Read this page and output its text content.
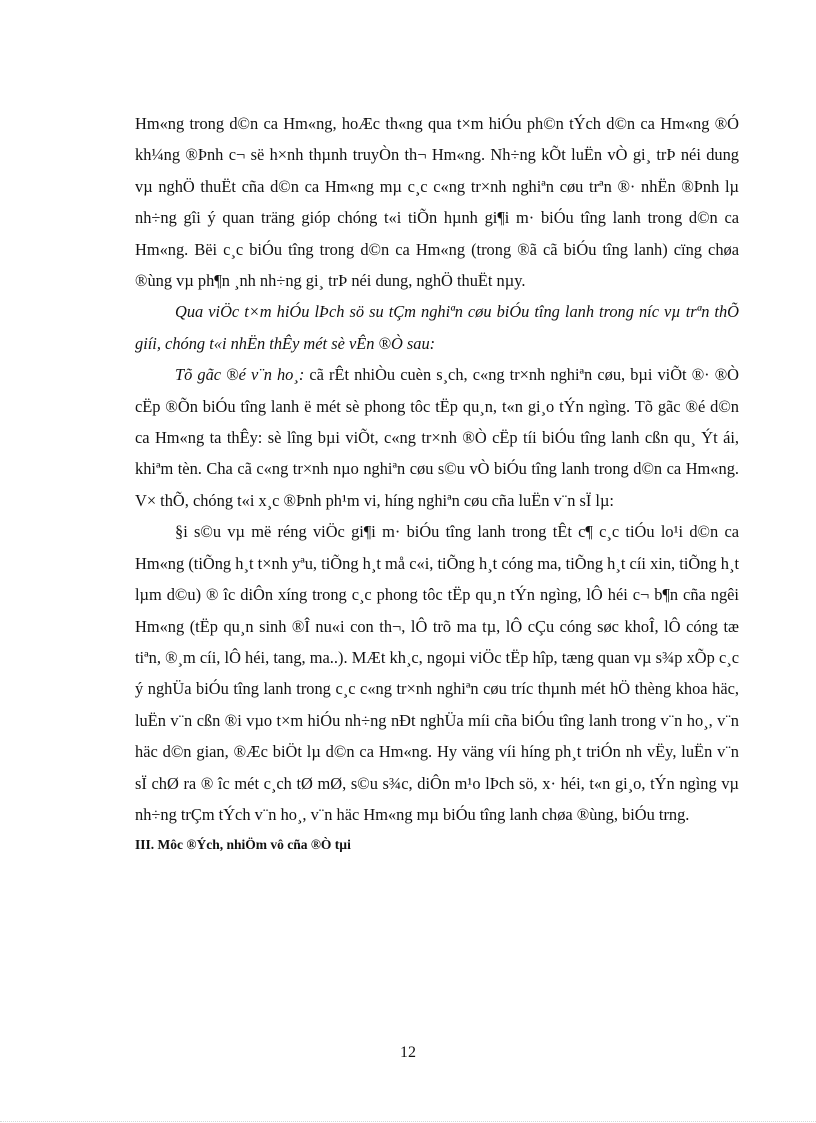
Hm«ng trong d©n ca Hm«ng, hoÆc th«ng qua t×m hiÓu ph©n tÝch d©n ca Hm«ng ®Ó kh¼ng ®Þnh c¬ së h×nh thµnh truyÒn th¬ Hm«ng. Nh÷ng kÕt luËn vÒ gi¸ trÞ néi dung vµ nghÖ thuËt cña d©n ca Hm«ng mµ c¸c c«ng tr×nh nghiªn cøu trªn ®· nhËn ®Þnh lµ nh÷ng gîi ý quan träng gióp chóng t«i tiÕn hµnh gi¶i m· biÓu tîng lanh trong d©n ca Hm«ng. Bëi c¸c biÓu tîng trong d©n ca Hm«ng (trong ®ã cã biÓu tîng lanh) cïng chøa ®ùng vµ ph¶n ¸nh nh÷ng gi¸ trÞ néi dung, nghÖ thuËt nµy.

Qua viÖc t×m hiÓu lÞch sö su tÇm nghiªn cøu biÓu tîng lanh trong níc vµ trªn thÕ giíi, chóng t«i nhËn thÊy mét sè vÊn ®Ò sau:

Tõ gãc ®é v¨n ho¸: cã rÊt nhiÒu cuèn s¸ch, c«ng tr×nh nghiªn cøu, bµi viÕt ®· ®Ò cËp ®Õn biÓu tîng lanh ë mét sè phong tôc tËp qu¸n, t«n gi¸o tÝn ngìng. Tõ gãc ®é d©n ca Hm«ng ta thÊy: sè lîng bµi viÕt, c«ng tr×nh ®Ò cËp tíi biÓu tîng lanh cßn qu¸ Ýt ái, khiªm tèn. Cha cã c«ng tr×nh nµo nghiªn cøu s©u vÒ biÓu tîng lanh trong d©n ca Hm«ng. V× thÕ, chóng t«i x¸c ®Þnh ph¹m vi, híng nghiªn cøu cña luËn v¨n sÏ lµ:

§i s©u vµ më réng viÖc gi¶i m· biÓu tîng lanh trong tÊt c¶ c¸c tiÓu lo¹i d©n ca Hm«ng (tiÕng h¸t t×nh yªu, tiÕng h¸t må c«i, tiÕng h¸t cóng ma, tiÕng h¸t cíi xin, tiÕng h¸t lµm d©u) ® îc diÔn xíng trong c¸c phong tôc tËp qu¸n tÝn ngìng, lÔ héi c¬ b¶n cña ngêi Hm«ng (tËp qu¸n sinh ®Î nu«i con th¬, lÔ trõ ma tµ, lÔ cÇu cóng søc khoÎ, lÔ cóng tæ tiªn, ®¸m cíi, lÔ héi, tang, ma..). MÆt kh¸c, ngoµi viÖc tËp hîp, tæng quan vµ s¾p xÕp c¸c ý nghÜa biÓu tîng lanh trong c¸c c«ng tr×nh nghiªn cøu tríc thµnh mét hÖ thèng khoa häc, luËn v¨n cßn ®i vµo t×m hiÓu nh÷ng nÐt nghÜa míi cña biÓu tîng lanh trong v¨n ho¸, v¨n häc d©n gian, ®Æc biÖt lµ d©n ca Hm«ng. Hy väng víi híng ph¸t triÓn nh vËy, luËn v¨n sÏ chØ ra ® îc mét c¸ch tØ mØ, s©u s¾c, diÔn m¹o lÞch sö, x· héi, t«n gi¸o, tÝn ngìng vµ nh÷ng trÇm tÝch v¨n ho¸, v¨n häc Hm«ng mµ biÓu tîng lanh chøa ®ùng, biÓu trng.

III. Môc ®Ých, nhiÖm vô cña ®Ò tµi

12
